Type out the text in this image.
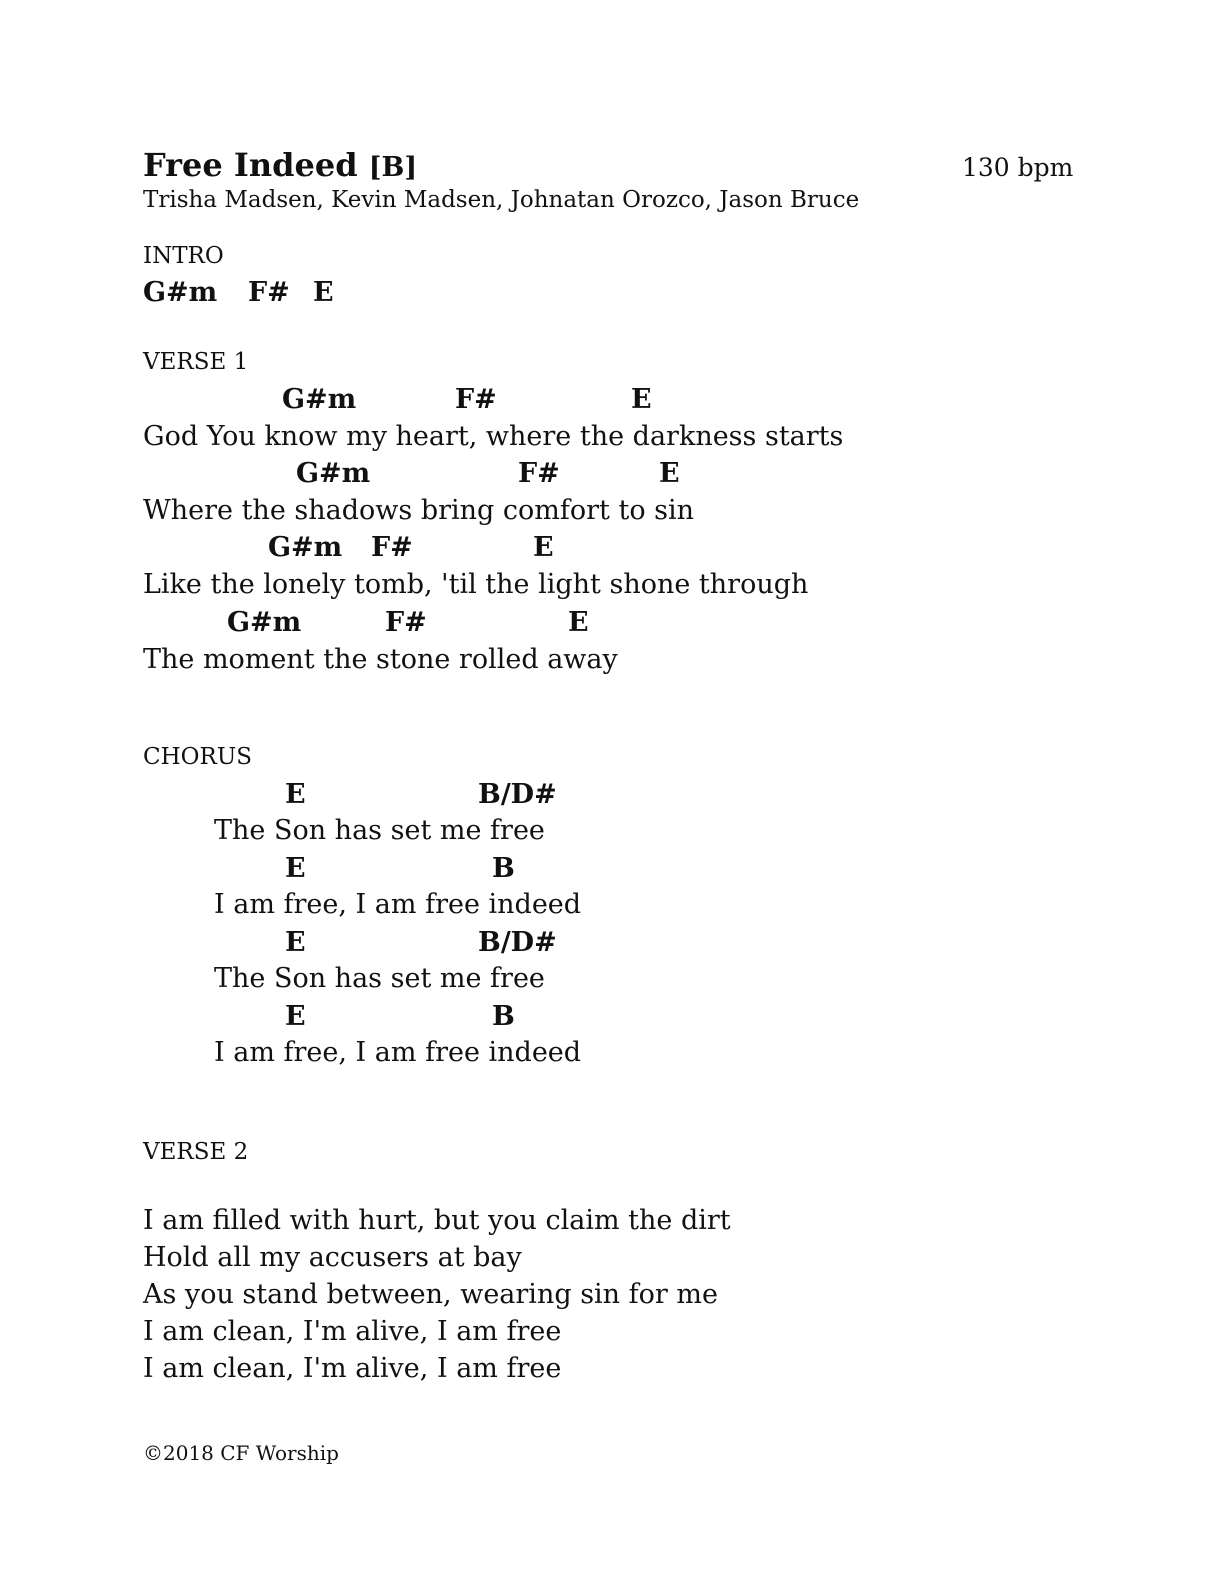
Free Indeed [B]	130 bpm
Trisha Madsen, Kevin Madsen, Johnatan Orozco, Jason Bruce
INTRO
G#m F# E
VERSE 1
G#m	F#	E
God You know my heart, where the darkness starts
G#m	F#	E
Where the shadows bring comfort to sin
G#m F#	E
Like the lonely tomb, 'til the light shone through
G#m	F#	E
The moment the stone rolled away
CHORUS
E	B/D#
The Son has set me free
E	B
I am free, I am free indeed
E	B/D#
The Son has set me free
E	B
I am free, I am free indeed
VERSE 2
I am filled with hurt, but you claim the dirt
Hold all my accusers at bay
As you stand between, wearing sin for me
I am clean, I'm alive, I am free
I am clean, I'm alive, I am free
©2018 CF Worship
